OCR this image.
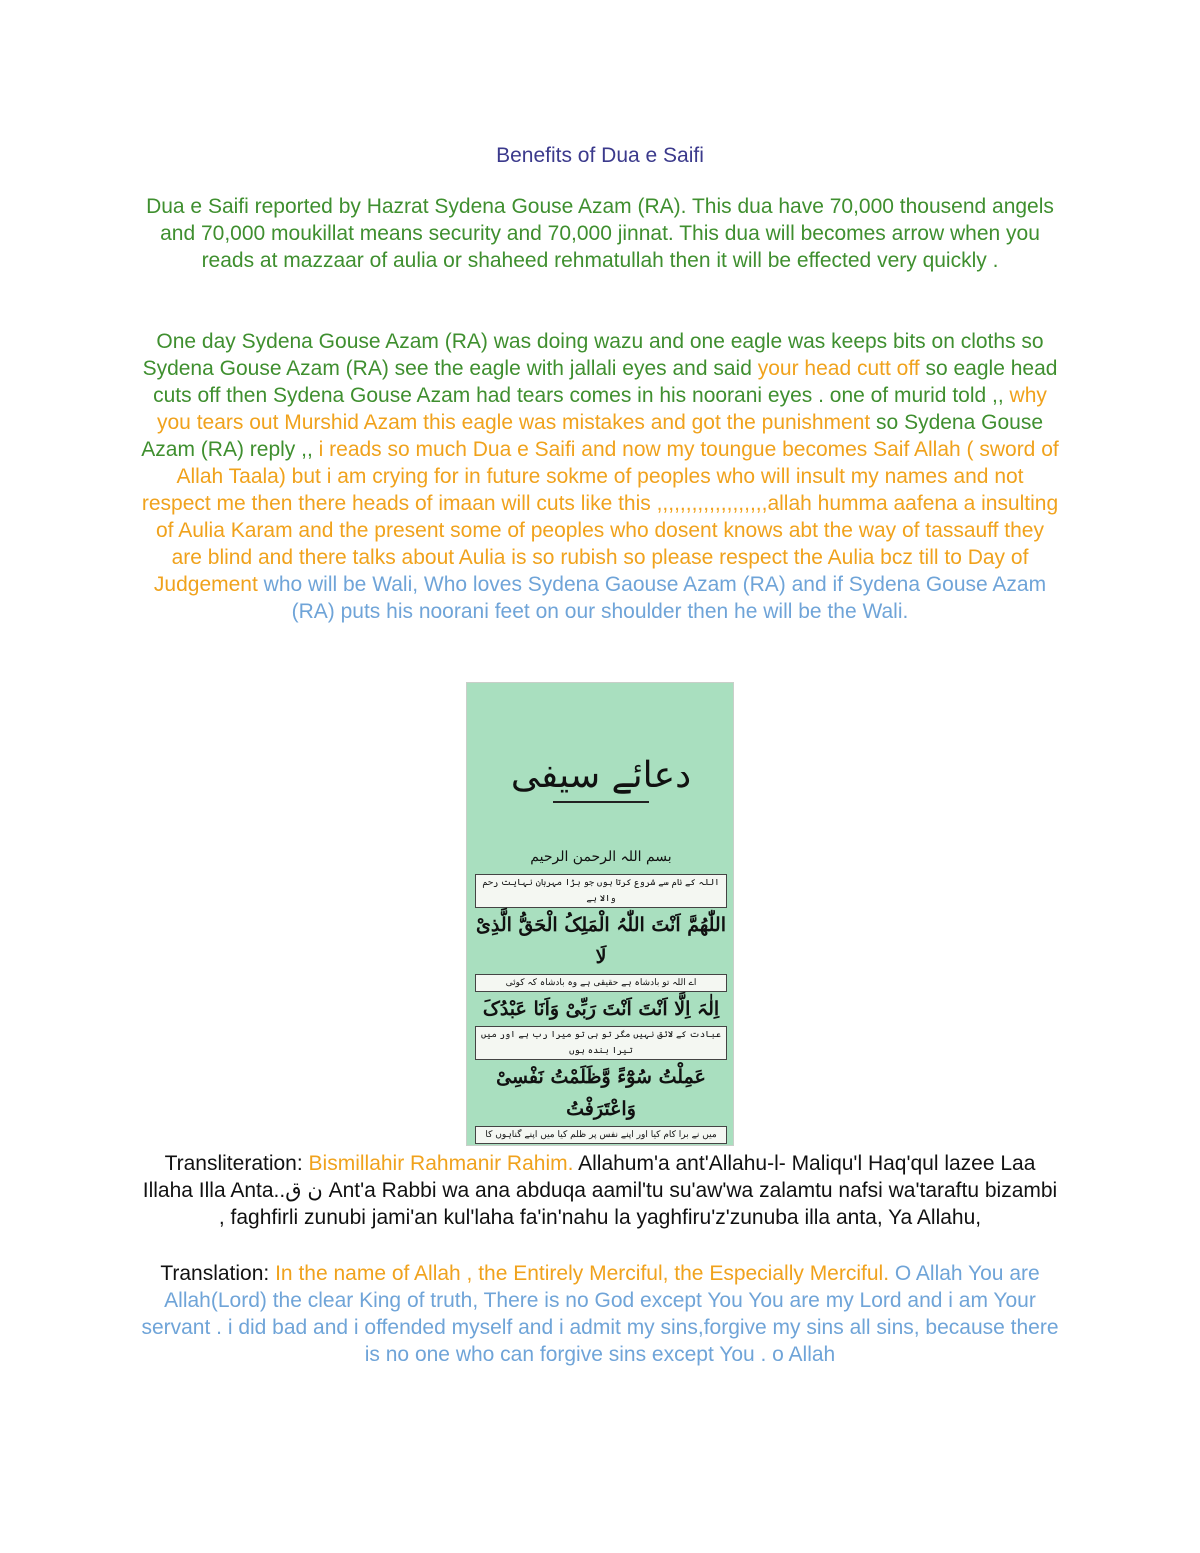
Benefits of Dua e Saifi
Dua e Saifi reported by Hazrat Sydena Gouse Azam (RA). This dua have 70,000 thousend angels and 70,000 moukillat means security and 70,000 jinnat. This dua will becomes arrow when you reads at mazzaar of aulia or shaheed rehmatullah then it will be effected very quickly .
One day Sydena Gouse Azam (RA) was doing wazu and one eagle was keeps bits on cloths so Sydena Gouse Azam (RA) see the eagle with jallali eyes and said your head cutt off so eagle head cuts off then Sydena Gouse Azam had tears comes in his noorani eyes . one of murid told ,, why you tears out Murshid Azam this eagle was mistakes and got the punishment so Sydena Gouse Azam (RA) reply ,, i reads so much Dua e Saifi and now my toungue becomes Saif Allah ( sword of Allah Taala) but i am crying for in future sokme of peoples who will insult my names and not respect me then there heads of imaan will cuts like this ,,,,,,,,,,,,,,,,,,,allah humma aafena a insulting of Aulia Karam and the present some of peoples who dosent knows abt the way of tassauff they are blind and there talks about Aulia is so rubish so please respect the Aulia bcz till to Day of Judgement who will be Wali, Who loves Sydena Gaouse Azam (RA) and if Sydena Gouse Azam (RA) puts his noorani feet on our shoulder then he will be the Wali.
Transliteration: Bismillahir Rahmanir Rahim. Allahum'a ant'Allahu-l- Maliqu'l Haq'qul lazee Laa Illaha Illa Anta..ن ق Ant'a Rabbi wa ana abduqa aamil'tu su'aw'wa zalamtu nafsi wa'taraftu bizambi , faghfirli zunubi jami'an kul'laha fa'in'nahu la yaghfiru'z'zunuba illa anta, Ya Allahu,
Translation: In the name of Allah , the Entirely Merciful, the Especially Merciful. O Allah You are Allah(Lord) the clear King of truth, There is no God except You You are my Lord and i am Your servant . i did bad and i offended myself and i admit my sins,forgive my sins all sins, because there is no one who can forgive sins except You . o Allah
دعائے سیفی
بسم اللہ الرحمن الرحیم
اللہ کے نام سے شروع کرتا ہوں جو بڑا مہربان نہایت رحم والا ہے
اللّٰھُمَّ اَنْتَ اللّٰہُ الْمَلِکُ الْحَقُّ الَّذِیْ لَا
اے اللہ تو بادشاہ ہے حقیقی ہے وہ بادشاہ کہ کوئی
اِلٰہَ اِلَّا اَنْتَ اَنْتَ رَبِّیْ وَاَنَا عَبْدُکَ
عبادت کے لائق نہیں مگر تو ہی تو میرا رب ہے اور میں تیرا بندہ ہوں
عَمِلْتُ سُوْٓءً وَّظَلَمْتُ نَفْسِیْ وَاعْتَرَفْتُ
میں نے برا کام کیا اور اپنے نفس پر ظلم کیا میں اپنے گناہوں کا
